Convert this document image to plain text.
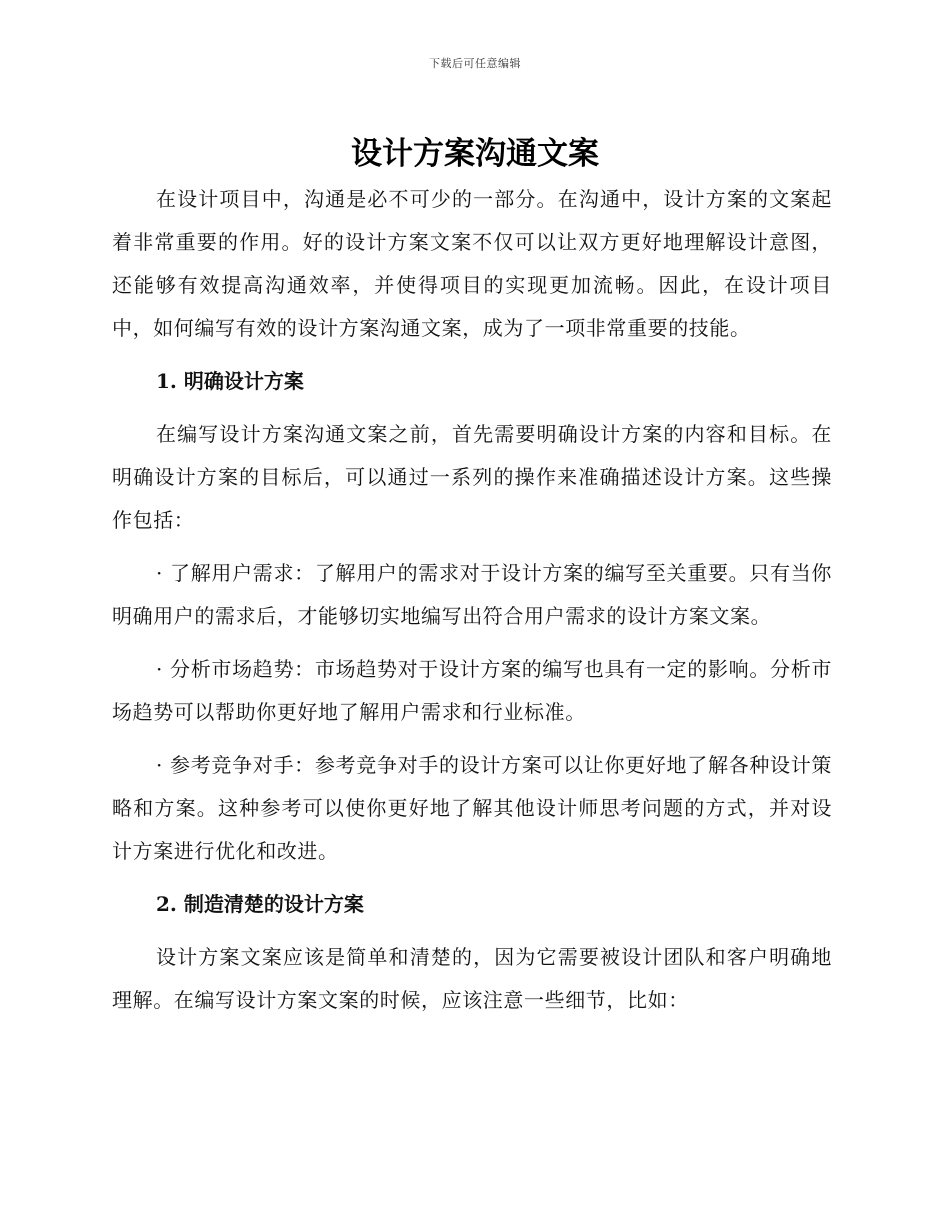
下载后可任意编辑
设计方案沟通文案

在设计项目中，沟通是必不可少的一部分。在沟通中，设计方案的文案起着非常重要的作用。好的设计方案文案不仅可以让双方更好地理解设计意图，还能够有效提高沟通效率，并使得项目的实现更加流畅。因此，在设计项目中，如何编写有效的设计方案沟通文案，成为了一项非常重要的技能。

1. 明确设计方案

在编写设计方案沟通文案之前，首先需要明确设计方案的内容和目标。在明确设计方案的目标后，可以通过一系列的操作来准确描述设计方案。这些操作包括：

· 了解用户需求：了解用户的需求对于设计方案的编写至关重要。只有当你明确用户的需求后，才能够切实地编写出符合用户需求的设计方案文案。

· 分析市场趋势：市场趋势对于设计方案的编写也具有一定的影响。分析市场趋势可以帮助你更好地了解用户需求和行业标准。

· 参考竞争对手：参考竞争对手的设计方案可以让你更好地了解各种设计策略和方案。这种参考可以使你更好地了解其他设计师思考问题的方式，并对设计方案进行优化和改进。

2. 制造清楚的设计方案

设计方案文案应该是简单和清楚的，因为它需要被设计团队和客户明确地理解。在编写设计方案文案的时候，应该注意一些细节，比如：
